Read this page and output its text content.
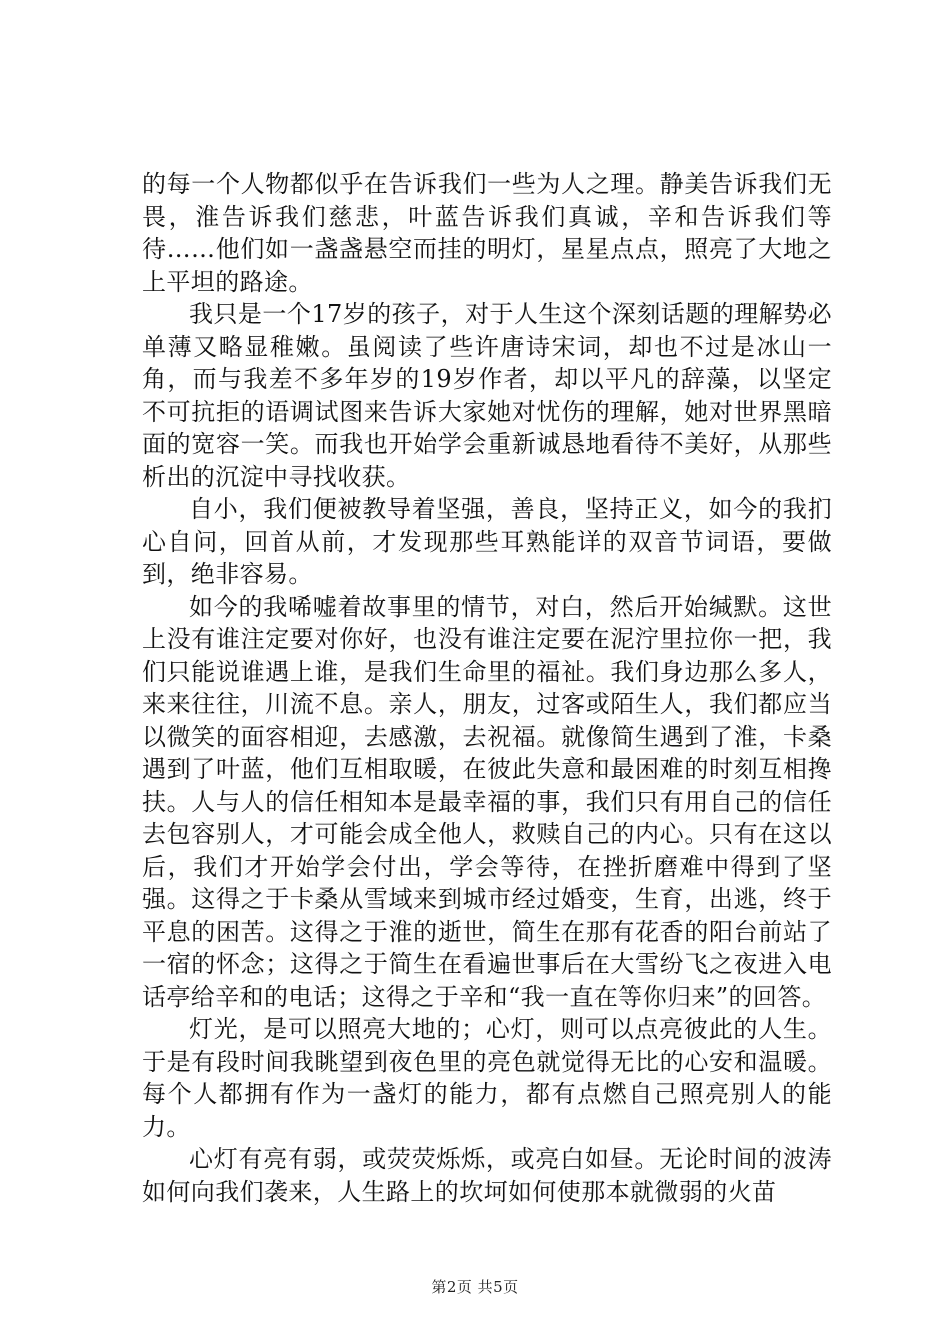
的每一个人物都似乎在告诉我们一些为人之理。静美告诉我们无畏，淮告诉我们慈悲，叶蓝告诉我们真诚，辛和告诉我们等待……他们如一盏盏悬空而挂的明灯，星星点点，照亮了大地之上平坦的路途。

我只是一个17岁的孩子，对于人生这个深刻话题的理解势必单薄又略显稚嫩。虽阅读了些许唐诗宋词，却也不过是冰山一角，而与我差不多年岁的19岁作者，却以平凡的辞藻，以坚定不可抗拒的语调试图来告诉大家她对忧伤的理解，她对世界黑暗面的宽容一笑。而我也开始学会重新诚恳地看待不美好，从那些析出的沉淀中寻找收获。

自小，我们便被教导着坚强，善良，坚持正义，如今的我扪心自问，回首从前，才发现那些耳熟能详的双音节词语，要做到，绝非容易。

如今的我唏嘘着故事里的情节，对白，然后开始缄默。这世上没有谁注定要对你好，也没有谁注定要在泥泞里拉你一把，我们只能说谁遇上谁，是我们生命里的福祉。我们身边那么多人，来来往往，川流不息。亲人，朋友，过客或陌生人，我们都应当以微笑的面容相迎，去感激，去祝福。就像简生遇到了淮，卡桑遇到了叶蓝，他们互相取暖，在彼此失意和最困难的时刻互相搀扶。人与人的信任相知本是最幸福的事，我们只有用自己的信任去包容别人，才可能会成全他人，救赎自己的内心。只有在这以后，我们才开始学会付出，学会等待，在挫折磨难中得到了坚强。这得之于卡桑从雪域来到城市经过婚变，生育，出逃，终于平息的困苦。这得之于淮的逝世，简生在那有花香的阳台前站了一宿的怀念；这得之于简生在看遍世事后在大雪纷飞之夜进入电话亭给辛和的电话；这得之于辛和“我一直在等你归来”的回答。

灯光，是可以照亮大地的；心灯，则可以点亮彼此的人生。于是有段时间我眺望到夜色里的亮色就觉得无比的心安和温暖。每个人都拥有作为一盏灯的能力，都有点燃自己照亮别人的能力。

心灯有亮有弱，或荧荧烁烁，或亮白如昼。无论时间的波涛如何向我们袭来，人生路上的坎坷如何使那本就微弱的火苗

第2页 共5页
